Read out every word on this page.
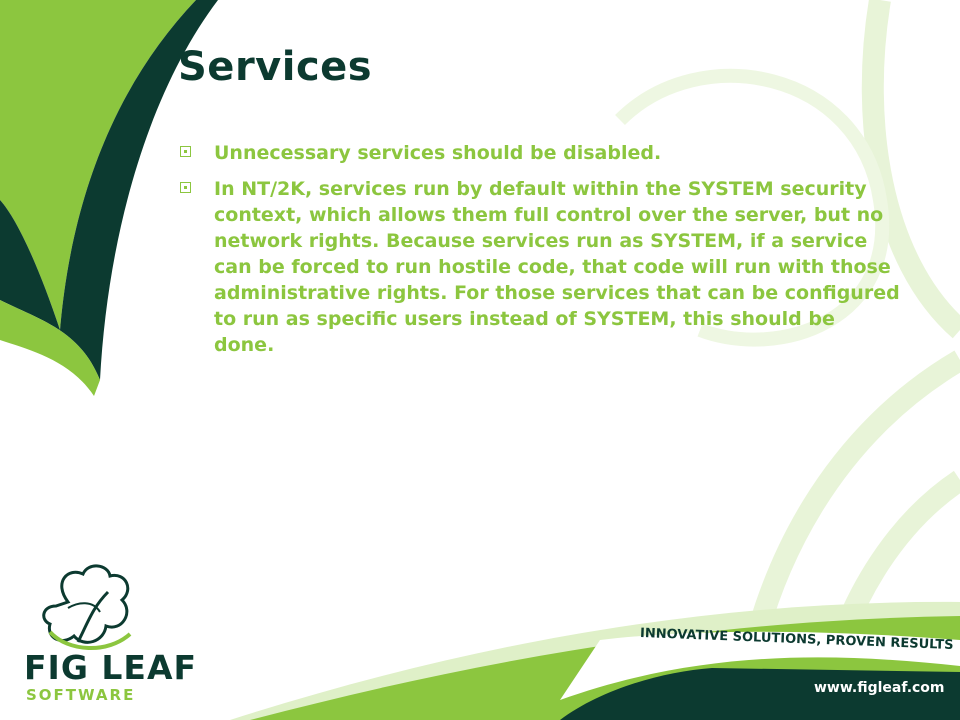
Services
Unnecessary services should be disabled.
In NT/2K, services run by default within the SYSTEM security context, which allows them full control over the server, but no network rights. Because services run as SYSTEM, if a service can be forced to run hostile code, that code will run with those administrative rights. For those services that can be configured to run as specific users instead of SYSTEM, this should be done.
FIG LEAF
SOFTWARE
INNOVATIVE SOLUTIONS, PROVEN RESULTS
www.figleaf.com
